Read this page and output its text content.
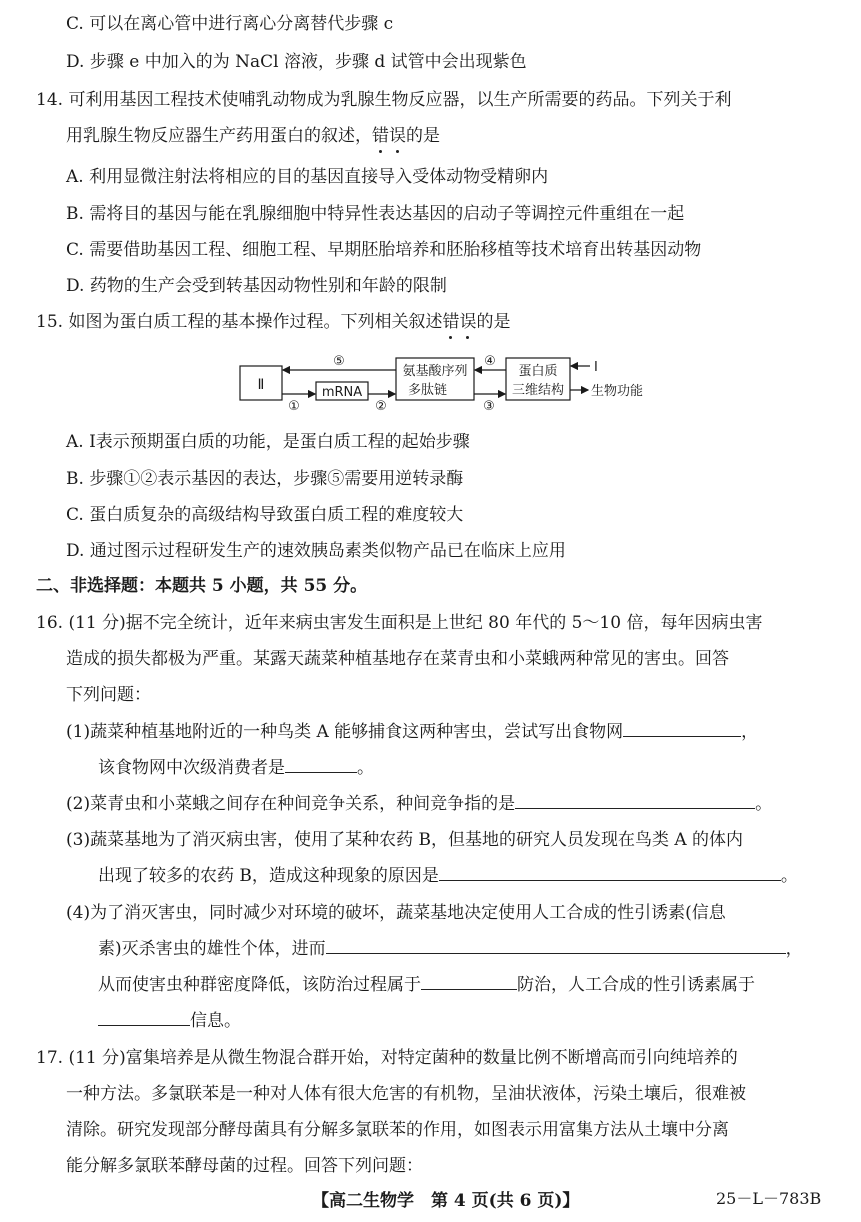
C. 可以在离心管中进行离心分离替代步骤 c
D. 步骤 e 中加入的为 NaCl 溶液，步骤 d 试管中会出现紫色
14. 可利用基因工程技术使哺乳动物成为乳腺生物反应器，以生产所需要的药品。下列关于利
用乳腺生物反应器生产药用蛋白的叙述，错误的是
A. 利用显微注射法将相应的目的基因直接导入受体动物受精卵内
B. 需将目的基因与能在乳腺细胞中特异性表达基因的启动子等调控元件重组在一起
C. 需要借助基因工程、细胞工程、早期胚胎培养和胚胎移植等技术培育出转基因动物
D. 药物的生产会受到转基因动物性别和年龄的限制
15. 如图为蛋白质工程的基本操作过程。下列相关叙述错误的是
Ⅱ	mRNA
氨基酸序列
多肽链
蛋白质
三维结构
⑤
①	②
④
③
I
生物功能
A. Ⅰ表示预期蛋白质的功能，是蛋白质工程的起始步骤
B. 步骤①②表示基因的表达，步骤⑤需要用逆转录酶
C. 蛋白质复杂的高级结构导致蛋白质工程的难度较大
D. 通过图示过程研发生产的速效胰岛素类似物产品已在临床上应用
二、非选择题：本题共 5 小题，共 55 分。
16. (11 分)据不完全统计，近年来病虫害发生面积是上世纪 80 年代的 5～10 倍，每年因病虫害
造成的损失都极为严重。某露天蔬菜种植基地存在菜青虫和小菜蛾两种常见的害虫。回答
下列问题：
(1)蔬菜种植基地附近的一种鸟类 A 能够捕食这两种害虫，尝试写出食物网	，
该食物网中次级消费者是	。
(2)菜青虫和小菜蛾之间存在种间竞争关系，种间竞争指的是	。
(3)蔬菜基地为了消灭病虫害，使用了某种农药 B，但基地的研究人员发现在鸟类 A 的体内
出现了较多的农药 B，造成这种现象的原因是	。
(4)为了消灭害虫，同时减少对环境的破坏，蔬菜基地决定使用人工合成的性引诱素(信息
素)灭杀害虫的雄性个体，进而	，
从而使害虫种群密度降低，该防治过程属于	防治，人工合成的性引诱素属于
信息。
17. (11 分)富集培养是从微生物混合群开始，对特定菌种的数量比例不断增高而引向纯培养的
一种方法。多氯联苯是一种对人体有很大危害的有机物，呈油状液体，污染土壤后，很难被
清除。研究发现部分酵母菌具有分解多氯联苯的作用，如图表示用富集方法从土壤中分离
能分解多氯联苯酵母菌的过程。回答下列问题：
【高二生物学　第 4 页(共 6 页)】	25－L－783B
